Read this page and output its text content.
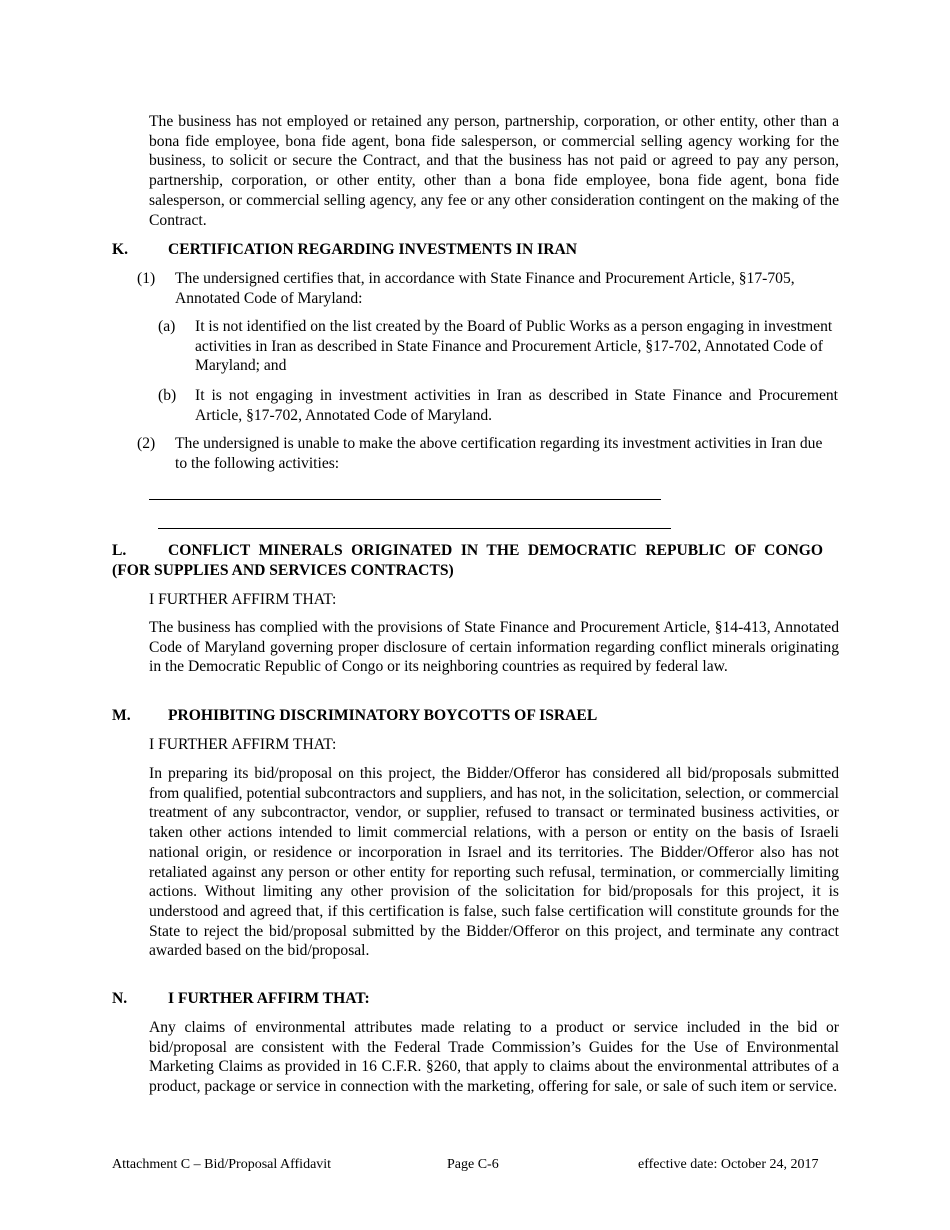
The business has not employed or retained any person, partnership, corporation, or other entity, other than a bona fide employee, bona fide agent, bona fide salesperson, or commercial selling agency working for the business, to solicit or secure the Contract, and that the business has not paid or agreed to pay any person, partnership, corporation, or other entity, other than a bona fide employee, bona fide agent, bona fide salesperson, or commercial selling agency, any fee or any other consideration contingent on the making of the Contract.

K.	CERTIFICATION REGARDING INVESTMENTS IN IRAN
(1) The undersigned certifies that, in accordance with State Finance and Procurement Article, §17-705, Annotated Code of Maryland:

(a) It is not identified on the list created by the Board of Public Works as a person engaging in investment activities in Iran as described in State Finance and Procurement Article, §17-702, Annotated Code of Maryland; and

(b) It is not engaging in investment activities in Iran as described in State Finance and Procurement Article, §17-702, Annotated Code of Maryland.

(2) The undersigned is unable to make the above certification regarding its investment activities in Iran due to the following activities:

L.	CONFLICT MINERALS ORIGINATED IN THE DEMOCRATIC REPUBLIC OF CONGO (FOR SUPPLIES AND SERVICES CONTRACTS)

I FURTHER AFFIRM THAT:

The business has complied with the provisions of State Finance and Procurement Article, §14-413, Annotated Code of Maryland governing proper disclosure of certain information regarding conflict minerals originating in the Democratic Republic of Congo or its neighboring countries as required by federal law.

M. PROHIBITING DISCRIMINATORY BOYCOTTS OF ISRAEL

I FURTHER AFFIRM THAT:

In preparing its bid/proposal on this project, the Bidder/Offeror has considered all bid/proposals submitted from qualified, potential subcontractors and suppliers, and has not, in the solicitation, selection, or commercial treatment of any subcontractor, vendor, or supplier, refused to transact or terminated business activities, or taken other actions intended to limit commercial relations, with a person or entity on the basis of Israeli national origin, or residence or incorporation in Israel and its territories. The Bidder/Offeror also has not retaliated against any person or other entity for reporting such refusal, termination, or commercially limiting actions. Without limiting any other provision of the solicitation for bid/proposals for this project, it is understood and agreed that, if this certification is false, such false certification will constitute grounds for the State to reject the bid/proposal submitted by the Bidder/Offeror on this project, and terminate any contract awarded based on the bid/proposal.

N.	I FURTHER AFFIRM THAT:

Any claims of environmental attributes made relating to a product or service included in the bid or bid/proposal are consistent with the Federal Trade Commission’s Guides for the Use of Environmental Marketing Claims as provided in 16 C.F.R. §260, that apply to claims about the environmental attributes of a product, package or service in connection with the marketing, offering for sale, or sale of such item or service.

Attachment C – Bid/Proposal Affidavit	Page C-6	effective date: October 24, 2017
